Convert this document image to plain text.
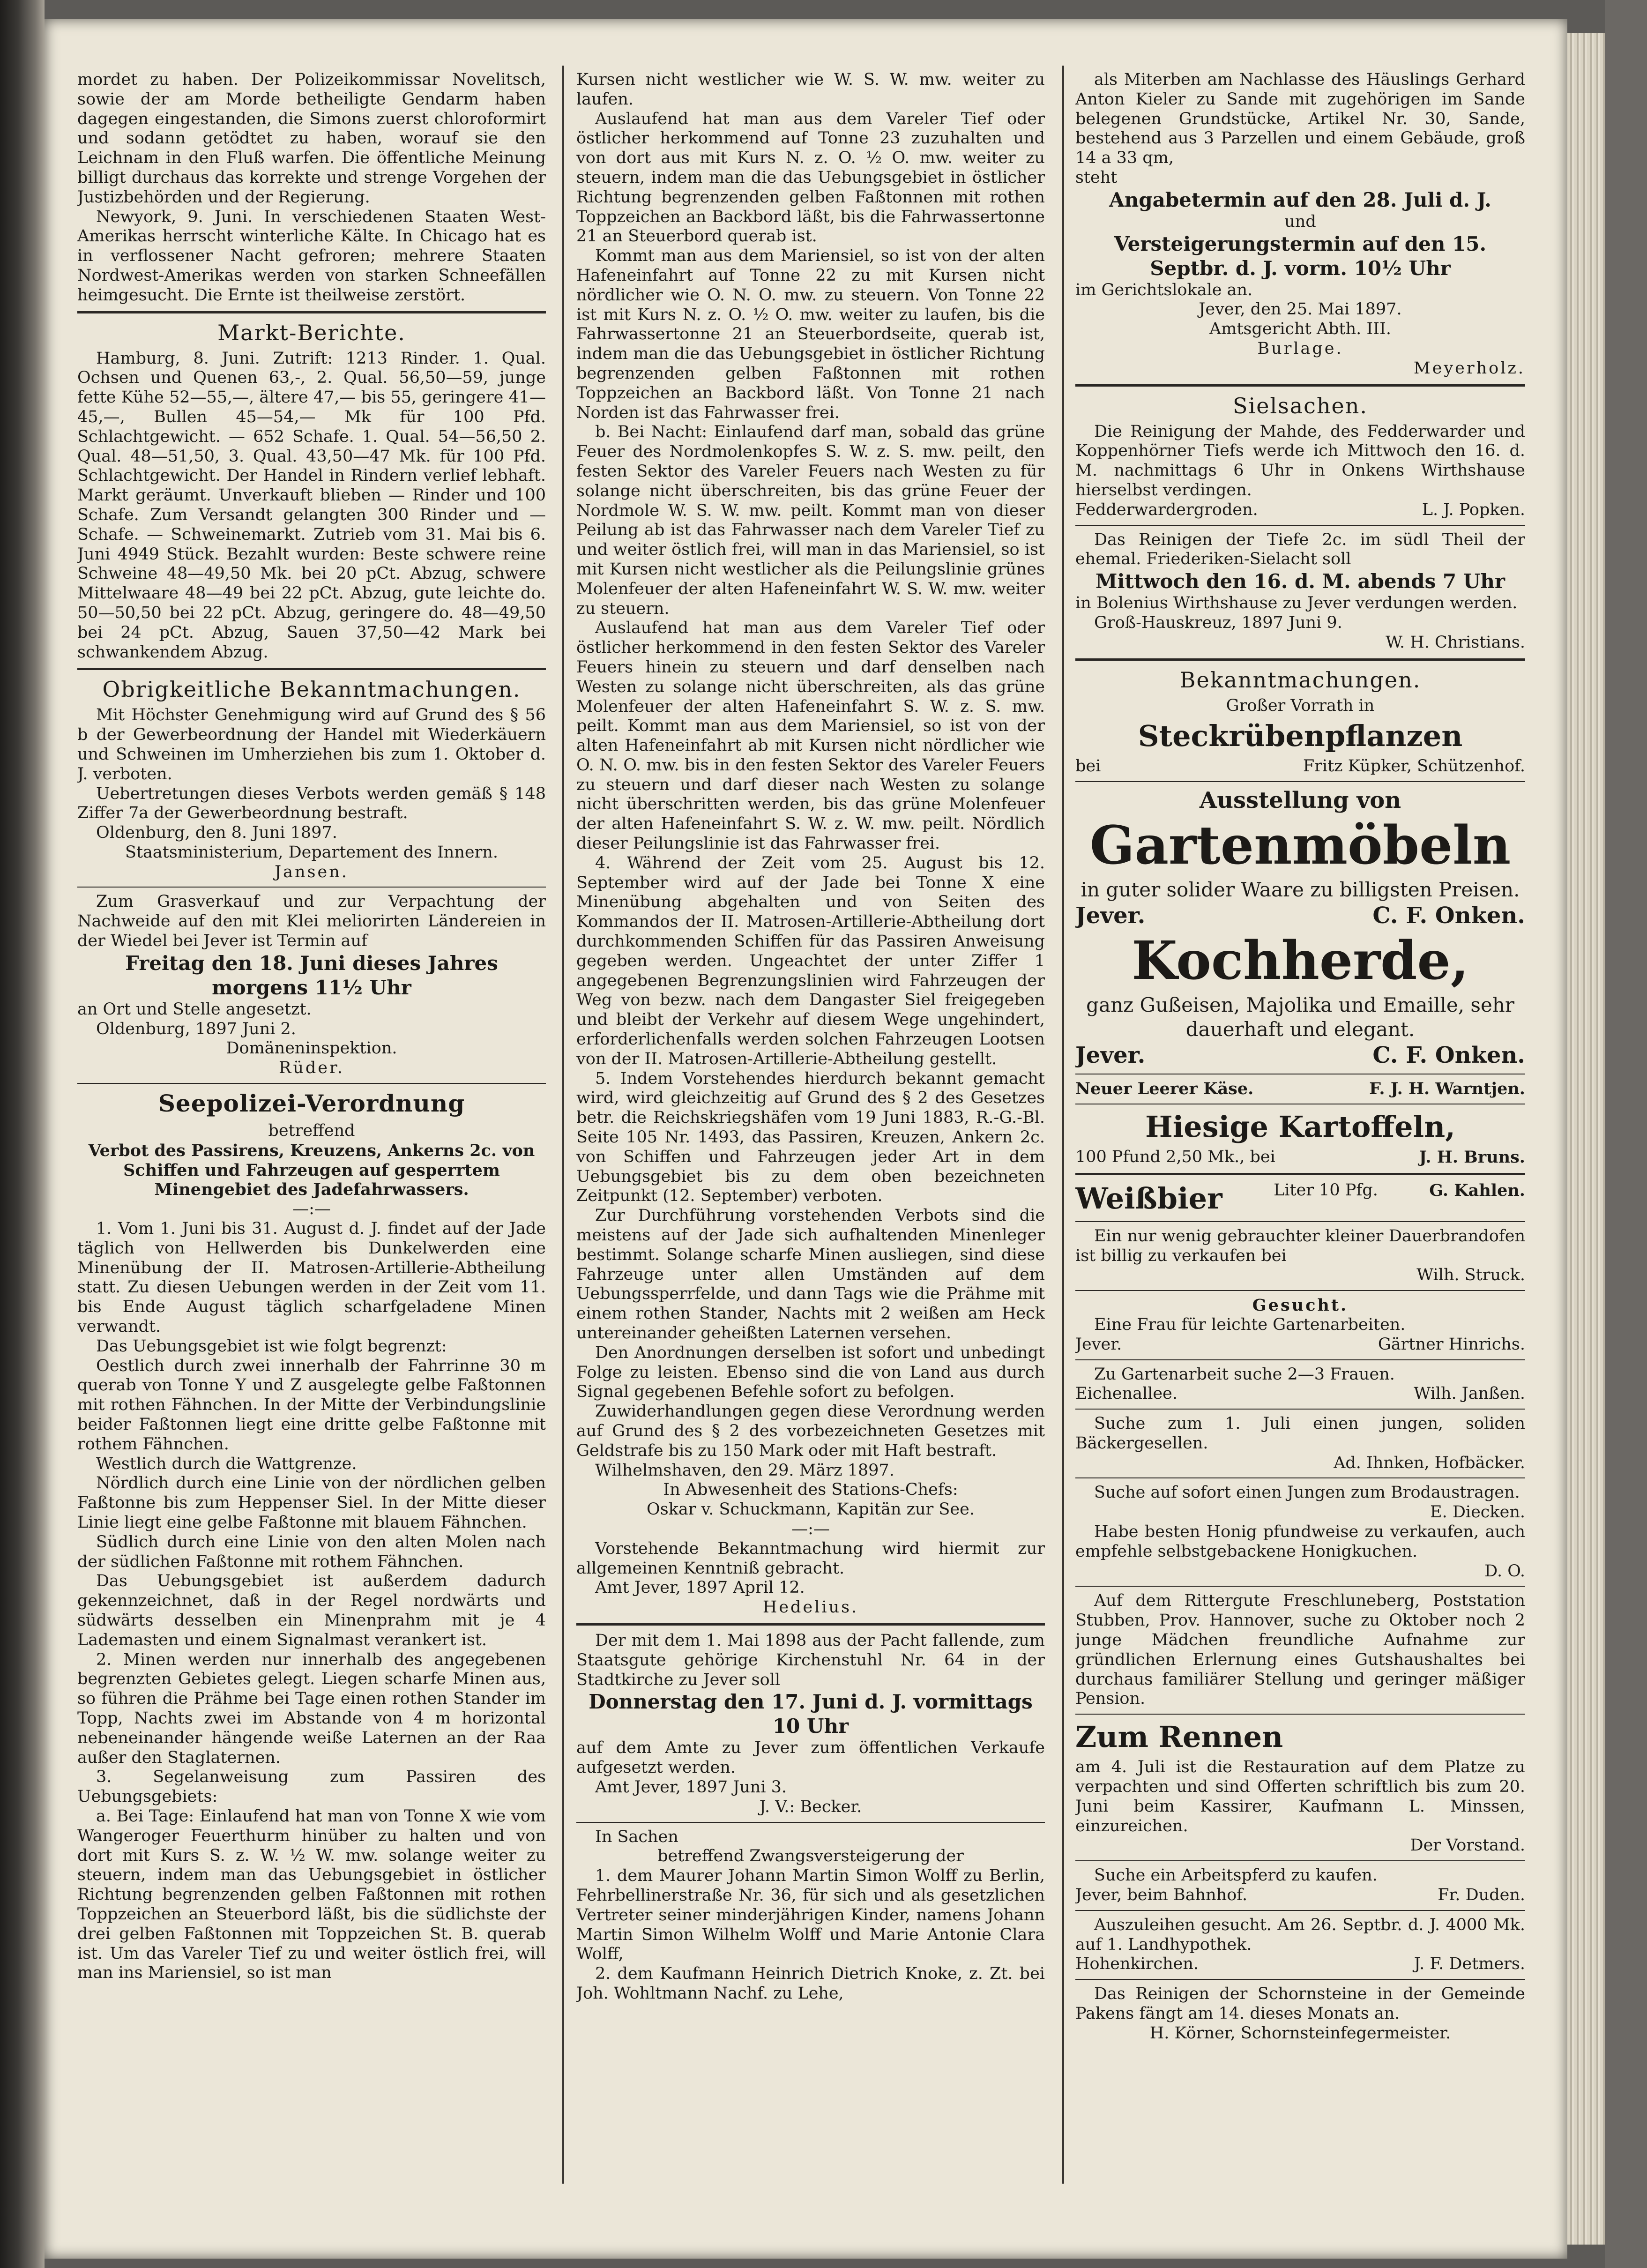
mordet zu haben. Der Polizeikommissar Novelitsch, sowie der am Morde betheiligte Gendarm haben dagegen eingestanden, die Simons zuerst chloroformirt und sodann getödtet zu haben, worauf sie den Leichnam in den Fluß warfen. Die öffentliche Meinung billigt durchaus das korrekte und strenge Vorgehen der Justizbehörden und der Regierung.

Newyork, 9. Juni. In verschiedenen Staaten West-Amerikas herrscht winterliche Kälte. In Chicago hat es in verflossener Nacht gefroren; mehrere Staaten Nordwest-Amerikas werden von starken Schneefällen heimgesucht. Die Ernte ist theilweise zerstört.

Markt-Berichte.

Hamburg, 8. Juni. Zutrift: 1213 Rinder. 1. Qual. Ochsen und Quenen 63,-, 2. Qual. 56,50—59, junge fette Kühe 52—55,—, ältere 47,— bis 55, geringere 41—45,—, Bullen 45—54,— Mk für 100 Pfd. Schlachtgewicht. — 652 Schafe. 1. Qual. 54—56,50 2. Qual. 48—51,50, 3. Qual. 43,50—47 Mk. für 100 Pfd. Schlachtgewicht. Der Handel in Rindern verlief lebhaft. Markt geräumt. Unverkauft blieben — Rinder und 100 Schafe. Zum Versandt gelangten 300 Rinder und — Schafe. — Schweinemarkt. Zutrieb vom 31. Mai bis 6. Juni 4949 Stück. Bezahlt wurden: Beste schwere reine Schweine 48—49,50 Mk. bei 20 pCt. Abzug, schwere Mittelwaare 48—49 bei 22 pCt. Abzug, gute leichte do. 50—50,50 bei 22 pCt. Abzug, geringere do. 48—49,50 bei 24 pCt. Abzug, Sauen 37,50—42 Mark bei schwankendem Abzug.

Obrigkeitliche Bekanntmachungen.

Mit Höchster Genehmigung wird auf Grund des § 56 b der Gewerbeordnung der Handel mit Wiederkäuern und Schweinen im Umherziehen bis zum 1. Oktober d. J. verboten.

Uebertretungen dieses Verbots werden gemäß § 148 Ziffer 7a der Gewerbeordnung bestraft.

Oldenburg, den 8. Juni 1897.

Staatsministerium, Departement des Innern.

Jansen.

Zum Grasverkauf und zur Verpachtung der Nachweide auf den mit Klei meliorirten Ländereien in der Wiedel bei Jever ist Termin auf

Freitag den 18. Juni dieses Jahres morgens 11½ Uhr

an Ort und Stelle angesetzt.

Oldenburg, 1897 Juni 2.

Domäneninspektion.

Rüder.

Seepolizei-Verordnung

betreffend

Verbot des Passirens, Kreuzens, Ankerns 2c. von Schiffen und Fahrzeugen auf gesperrtem Minengebiet des Jadefahrwassers.

—:—

1. Vom 1. Juni bis 31. August d. J. findet auf der Jade täglich von Hellwerden bis Dunkelwerden eine Minenübung der II. Matrosen-Artillerie-Abtheilung statt. Zu diesen Uebungen werden in der Zeit vom 11. bis Ende August täglich scharfgeladene Minen verwandt.

Das Uebungsgebiet ist wie folgt begrenzt:

Oestlich durch zwei innerhalb der Fahrrinne 30 m querab von Tonne Y und Z ausgelegte gelbe Faßtonnen mit rothen Fähnchen. In der Mitte der Verbindungslinie beider Faßtonnen liegt eine dritte gelbe Faßtonne mit rothem Fähnchen.

Westlich durch die Wattgrenze.

Nördlich durch eine Linie von der nördlichen gelben Faßtonne bis zum Heppenser Siel. In der Mitte dieser Linie liegt eine gelbe Faßtonne mit blauem Fähnchen.

Südlich durch eine Linie von den alten Molen nach der südlichen Faßtonne mit rothem Fähnchen.

Das Uebungsgebiet ist außerdem dadurch gekennzeichnet, daß in der Regel nordwärts und südwärts desselben ein Minenprahm mit je 4 Lademasten und einem Signalmast verankert ist.

2. Minen werden nur innerhalb des angegebenen begrenzten Gebietes gelegt. Liegen scharfe Minen aus, so führen die Prähme bei Tage einen rothen Stander im Topp, Nachts zwei im Abstande von 4 m horizontal nebeneinander hängende weiße Laternen an der Raa außer den Staglaternen.

3. Segelanweisung zum Passiren des Uebungsgebiets:

a. Bei Tage: Einlaufend hat man von Tonne X wie vom Wangeroger Feuerthurm hinüber zu halten und von dort mit Kurs S. z. W. ½ W. mw. solange weiter zu steuern, indem man das Uebungsgebiet in östlicher Richtung begrenzenden gelben Faßtonnen mit rothen Toppzeichen an Steuerbord läßt, bis die südlichste der drei gelben Faßtonnen mit Toppzeichen St. B. querab ist. Um das Vareler Tief zu und weiter östlich frei, will man ins Mariensiel, so ist man

Kursen nicht westlicher wie W. S. W. mw. weiter zu laufen.

Auslaufend hat man aus dem Vareler Tief oder östlicher herkommend auf Tonne 23 zuzuhalten und von dort aus mit Kurs N. z. O. ½ O. mw. weiter zu steuern, indem man die das Uebungsgebiet in östlicher Richtung begrenzenden gelben Faßtonnen mit rothen Toppzeichen an Backbord läßt, bis die Fahrwassertonne 21 an Steuerbord querab ist.

Kommt man aus dem Mariensiel, so ist von der alten Hafeneinfahrt auf Tonne 22 zu mit Kursen nicht nördlicher wie O. N. O. mw. zu steuern. Von Tonne 22 ist mit Kurs N. z. O. ½ O. mw. weiter zu laufen, bis die Fahrwassertonne 21 an Steuerbordseite, querab ist, indem man die das Uebungsgebiet in östlicher Richtung begrenzenden gelben Faßtonnen mit rothen Toppzeichen an Backbord läßt. Von Tonne 21 nach Norden ist das Fahrwasser frei.

b. Bei Nacht: Einlaufend darf man, sobald das grüne Feuer des Nordmolenkopfes S. W. z. S. mw. peilt, den festen Sektor des Vareler Feuers nach Westen zu für solange nicht überschreiten, bis das grüne Feuer der Nordmole W. S. W. mw. peilt. Kommt man von dieser Peilung ab ist das Fahrwasser nach dem Vareler Tief zu und weiter östlich frei, will man in das Mariensiel, so ist mit Kursen nicht westlicher als die Peilungslinie grünes Molenfeuer der alten Hafeneinfahrt W. S. W. mw. weiter zu steuern.

Auslaufend hat man aus dem Vareler Tief oder östlicher herkommend in den festen Sektor des Vareler Feuers hinein zu steuern und darf denselben nach Westen zu solange nicht überschreiten, als das grüne Molenfeuer der alten Hafeneinfahrt S. W. z. S. mw. peilt. Kommt man aus dem Mariensiel, so ist von der alten Hafeneinfahrt ab mit Kursen nicht nördlicher wie O. N. O. mw. bis in den festen Sektor des Vareler Feuers zu steuern und darf dieser nach Westen zu solange nicht überschritten werden, bis das grüne Molenfeuer der alten Hafeneinfahrt S. W. z. W. mw. peilt. Nördlich dieser Peilungslinie ist das Fahrwasser frei.

4. Während der Zeit vom 25. August bis 12. September wird auf der Jade bei Tonne X eine Minenübung abgehalten und von Seiten des Kommandos der II. Matrosen-Artillerie-Abtheilung dort durchkommenden Schiffen für das Passiren Anweisung gegeben werden. Ungeachtet der unter Ziffer 1 angegebenen Begrenzungslinien wird Fahrzeugen der Weg von bezw. nach dem Dangaster Siel freigegeben und bleibt der Verkehr auf diesem Wege ungehindert, erforderlichenfalls werden solchen Fahrzeugen Lootsen von der II. Matrosen-Artillerie-Abtheilung gestellt.

5. Indem Vorstehendes hierdurch bekannt gemacht wird, wird gleichzeitig auf Grund des § 2 des Gesetzes betr. die Reichskriegshäfen vom 19 Juni 1883, R.-G.-Bl. Seite 105 Nr. 1493, das Passiren, Kreuzen, Ankern 2c. von Schiffen und Fahrzeugen jeder Art in dem Uebungsgebiet bis zu dem oben bezeichneten Zeitpunkt (12. September) verboten.

Zur Durchführung vorstehenden Verbots sind die meistens auf der Jade sich aufhaltenden Minenleger bestimmt. Solange scharfe Minen ausliegen, sind diese Fahrzeuge unter allen Umständen auf dem Uebungssperrfelde, und dann Tags wie die Prähme mit einem rothen Stander, Nachts mit 2 weißen am Heck untereinander geheißten Laternen versehen.

Den Anordnungen derselben ist sofort und unbedingt Folge zu leisten. Ebenso sind die von Land aus durch Signal gegebenen Befehle sofort zu befolgen.

Zuwiderhandlungen gegen diese Verordnung werden auf Grund des § 2 des vorbezeichneten Gesetzes mit Geldstrafe bis zu 150 Mark oder mit Haft bestraft.

Wilhelmshaven, den 29. März 1897.

In Abwesenheit des Stations-Chefs:

Oskar v. Schuckmann, Kapitän zur See.

—:—

Vorstehende Bekanntmachung wird hiermit zur allgemeinen Kenntniß gebracht.

Amt Jever, 1897 April 12.

Hedelius.

Der mit dem 1. Mai 1898 aus der Pacht fallende, zum Staatsgute gehörige Kirchenstuhl Nr. 64 in der Stadtkirche zu Jever soll

Donnerstag den 17. Juni d. J. vormittags 10 Uhr

auf dem Amte zu Jever zum öffentlichen Verkaufe aufgesetzt werden.

Amt Jever, 1897 Juni 3.

J. V.: Becker.

In Sachen

betreffend Zwangsversteigerung der

1. dem Maurer Johann Martin Simon Wolff zu Berlin, Fehrbellinerstraße Nr. 36, für sich und als gesetzlichen Vertreter seiner minderjährigen Kinder, namens Johann Martin Simon Wilhelm Wolff und Marie Antonie Clara Wolff,

2. dem Kaufmann Heinrich Dietrich Knoke, z. Zt. bei Joh. Wohltmann Nachf. zu Lehe,

als Miterben am Nachlasse des Häuslings Gerhard Anton Kieler zu Sande mit zugehörigen im Sande belegenen Grundstücke, Artikel Nr. 30, Sande, bestehend aus 3 Parzellen und einem Gebäude, groß 14 a 33 qm,

steht

Angabetermin auf den 28. Juli d. J.

und

Versteigerungstermin auf den 15. Septbr. d. J. vorm. 10½ Uhr

im Gerichtslokale an.

Jever, den 25. Mai 1897.

Amtsgericht Abth. III.

Burlage.

Meyerholz.

Sielsachen.

Die Reinigung der Mahde, des Fedderwarder und Koppenhörner Tiefs werde ich Mittwoch den 16. d. M. nachmittags 6 Uhr in Onkens Wirthshause hierselbst verdingen.

Fedderwardergroden.	L. J. Popken.

Das Reinigen der Tiefe 2c. im südl Theil der ehemal. Friederiken-Sielacht soll

Mittwoch den 16. d. M. abends 7 Uhr

in Bolenius Wirthshause zu Jever verdungen werden.

Groß-Hauskreuz, 1897 Juni 9.

W. H. Christians.

Bekanntmachungen.

Großer Vorrath in

Steckrübenpflanzen
bei	Fritz Küpker, Schützenhof.
Ausstellung von
Gartenmöbeln

in guter solider Waare zu billigsten Preisen.

Jever.	C. F. Onken.
Kochherde,

ganz Gußeisen, Majolika und Emaille, sehr dauerhaft und elegant.

Jever.	C. F. Onken.
Neuer Leerer Käse.	F. J. H. Warntjen.
Hiesige Kartoffeln,
100 Pfund 2,50 Mk., bei	J. H. Bruns.
Weißbier	Liter 10 Pfg.	G. Kahlen.

Ein nur wenig gebrauchter kleiner Dauerbrandofen ist billig zu verkaufen bei

Wilh. Struck.

Gesucht.

Eine Frau für leichte Gartenarbeiten.

Jever.	Gärtner Hinrichs.

Zu Gartenarbeit suche 2—3 Frauen.

Eichenallee.	Wilh. Janßen.

Suche zum 1. Juli einen jungen, soliden Bäckergesellen.

Ad. Ihnken, Hofbäcker.

Suche auf sofort einen Jungen zum Brodaustragen.

E. Diecken.

Habe besten Honig pfundweise zu verkaufen, auch empfehle selbstgebackene Honigkuchen.

D. O.

Auf dem Rittergute Freschluneberg, Poststation Stubben, Prov. Hannover, suche zu Oktober noch 2 junge Mädchen freundliche Aufnahme zur gründlichen Erlernung eines Gutshaushaltes bei durchaus familiärer Stellung und geringer mäßiger Pension.

Zum Rennen

am 4. Juli ist die Restauration auf dem Platze zu verpachten und sind Offerten schriftlich bis zum 20. Juni beim Kassirer, Kaufmann L. Minssen, einzureichen.

Der Vorstand.

Suche ein Arbeitspferd zu kaufen.

Jever, beim Bahnhof.	Fr. Duden.

Auszuleihen gesucht. Am 26. Septbr. d. J. 4000 Mk. auf 1. Landhypothek.

Hohenkirchen.	J. F. Detmers.

Das Reinigen der Schornsteine in der Gemeinde Pakens fängt am 14. dieses Monats an.

H. Körner, Schornsteinfegermeister.
